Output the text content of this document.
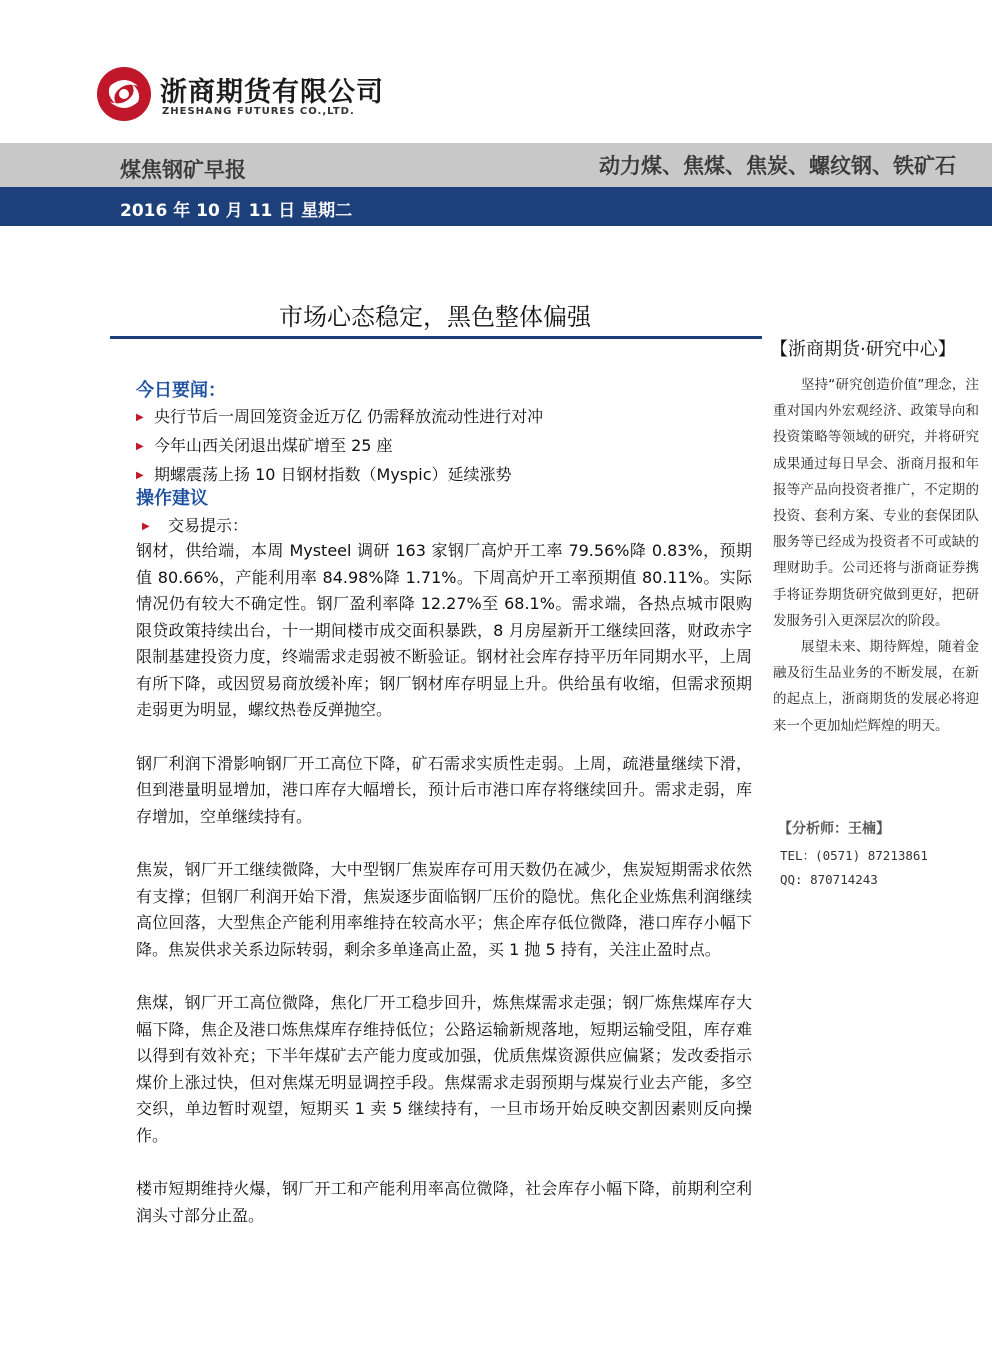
浙商期货有限公司
ZHESHANG FUTURES CO.,LTD.
煤焦钢矿早报	动力煤、焦煤、焦炭、螺纹钢、铁矿石
2016 年 10 月 11 日 星期二
市场心态稳定，黑色整体偏强
今日要闻：
▶ 央行节后一周回笼资金近万亿 仍需释放流动性进行对冲
▶ 今年山西关闭退出煤矿增至 25 座
▶ 期螺震荡上扬 10 日钢材指数（Myspic）延续涨势
操作建议
▶ 交易提示：

钢材，供给端，本周 Mysteel 调研 163 家钢厂高炉开工率 79.56%降 0.83%，预期值 80.66%，产能利用率 84.98%降 1.71%。下周高炉开工率预期值 80.11%。实际情况仍有较大不确定性。钢厂盈利率降 12.27%至 68.1%。需求端，各热点城市限购限贷政策持续出台，十一期间楼市成交面积暴跌，8 月房屋新开工继续回落，财政赤字限制基建投资力度，终端需求走弱被不断验证。钢材社会库存持平历年同期水平，上周有所下降，或因贸易商放缓补库；钢厂钢材库存明显上升。供给虽有收缩，但需求预期走弱更为明显，螺纹热卷反弹抛空。

钢厂利润下滑影响钢厂开工高位下降，矿石需求实质性走弱。上周，疏港量继续下滑，但到港量明显增加，港口库存大幅增长，预计后市港口库存将继续回升。需求走弱，库存增加，空单继续持有。

焦炭，钢厂开工继续微降，大中型钢厂焦炭库存可用天数仍在减少，焦炭短期需求依然有支撑；但钢厂利润开始下滑，焦炭逐步面临钢厂压价的隐忧。焦化企业炼焦利润继续高位回落，大型焦企产能利用率维持在较高水平；焦企库存低位微降，港口库存小幅下降。焦炭供求关系边际转弱，剩余多单逢高止盈，买 1 抛 5 持有，关注止盈时点。

焦煤，钢厂开工高位微降，焦化厂开工稳步回升，炼焦煤需求走强；钢厂炼焦煤库存大幅下降，焦企及港口炼焦煤库存维持低位；公路运输新规落地，短期运输受阻，库存难以得到有效补充；下半年煤矿去产能力度或加强，优质焦煤资源供应偏紧；发改委指示煤价上涨过快，但对焦煤无明显调控手段。焦煤需求走弱预期与煤炭行业去产能，多空交织，单边暂时观望，短期买 1 卖 5 继续持有，一旦市场开始反映交割因素则反向操作。

楼市短期维持火爆，钢厂开工和产能利用率高位微降，社会库存小幅下降，前期利空利润头寸部分止盈。

【浙商期货·研究中心】

坚持“研究创造价值”理念，注重对国内外宏观经济、政策导向和投资策略等领域的研究，并将研究成果通过每日早会、浙商月报和年报等产品向投资者推广，不定期的投资、套利方案、专业的套保团队服务等已经成为投资者不可或缺的理财助手。公司还将与浙商证券携手将证券期货研究做到更好，把研发服务引入更深层次的阶段。

展望未来、期待辉煌，随着金融及衍生品业务的不断发展，在新的起点上，浙商期货的发展必将迎来一个更加灿烂辉煌的明天。

【分析师：王楠】
TEL：(0571) 87213861
QQ: 870714243
